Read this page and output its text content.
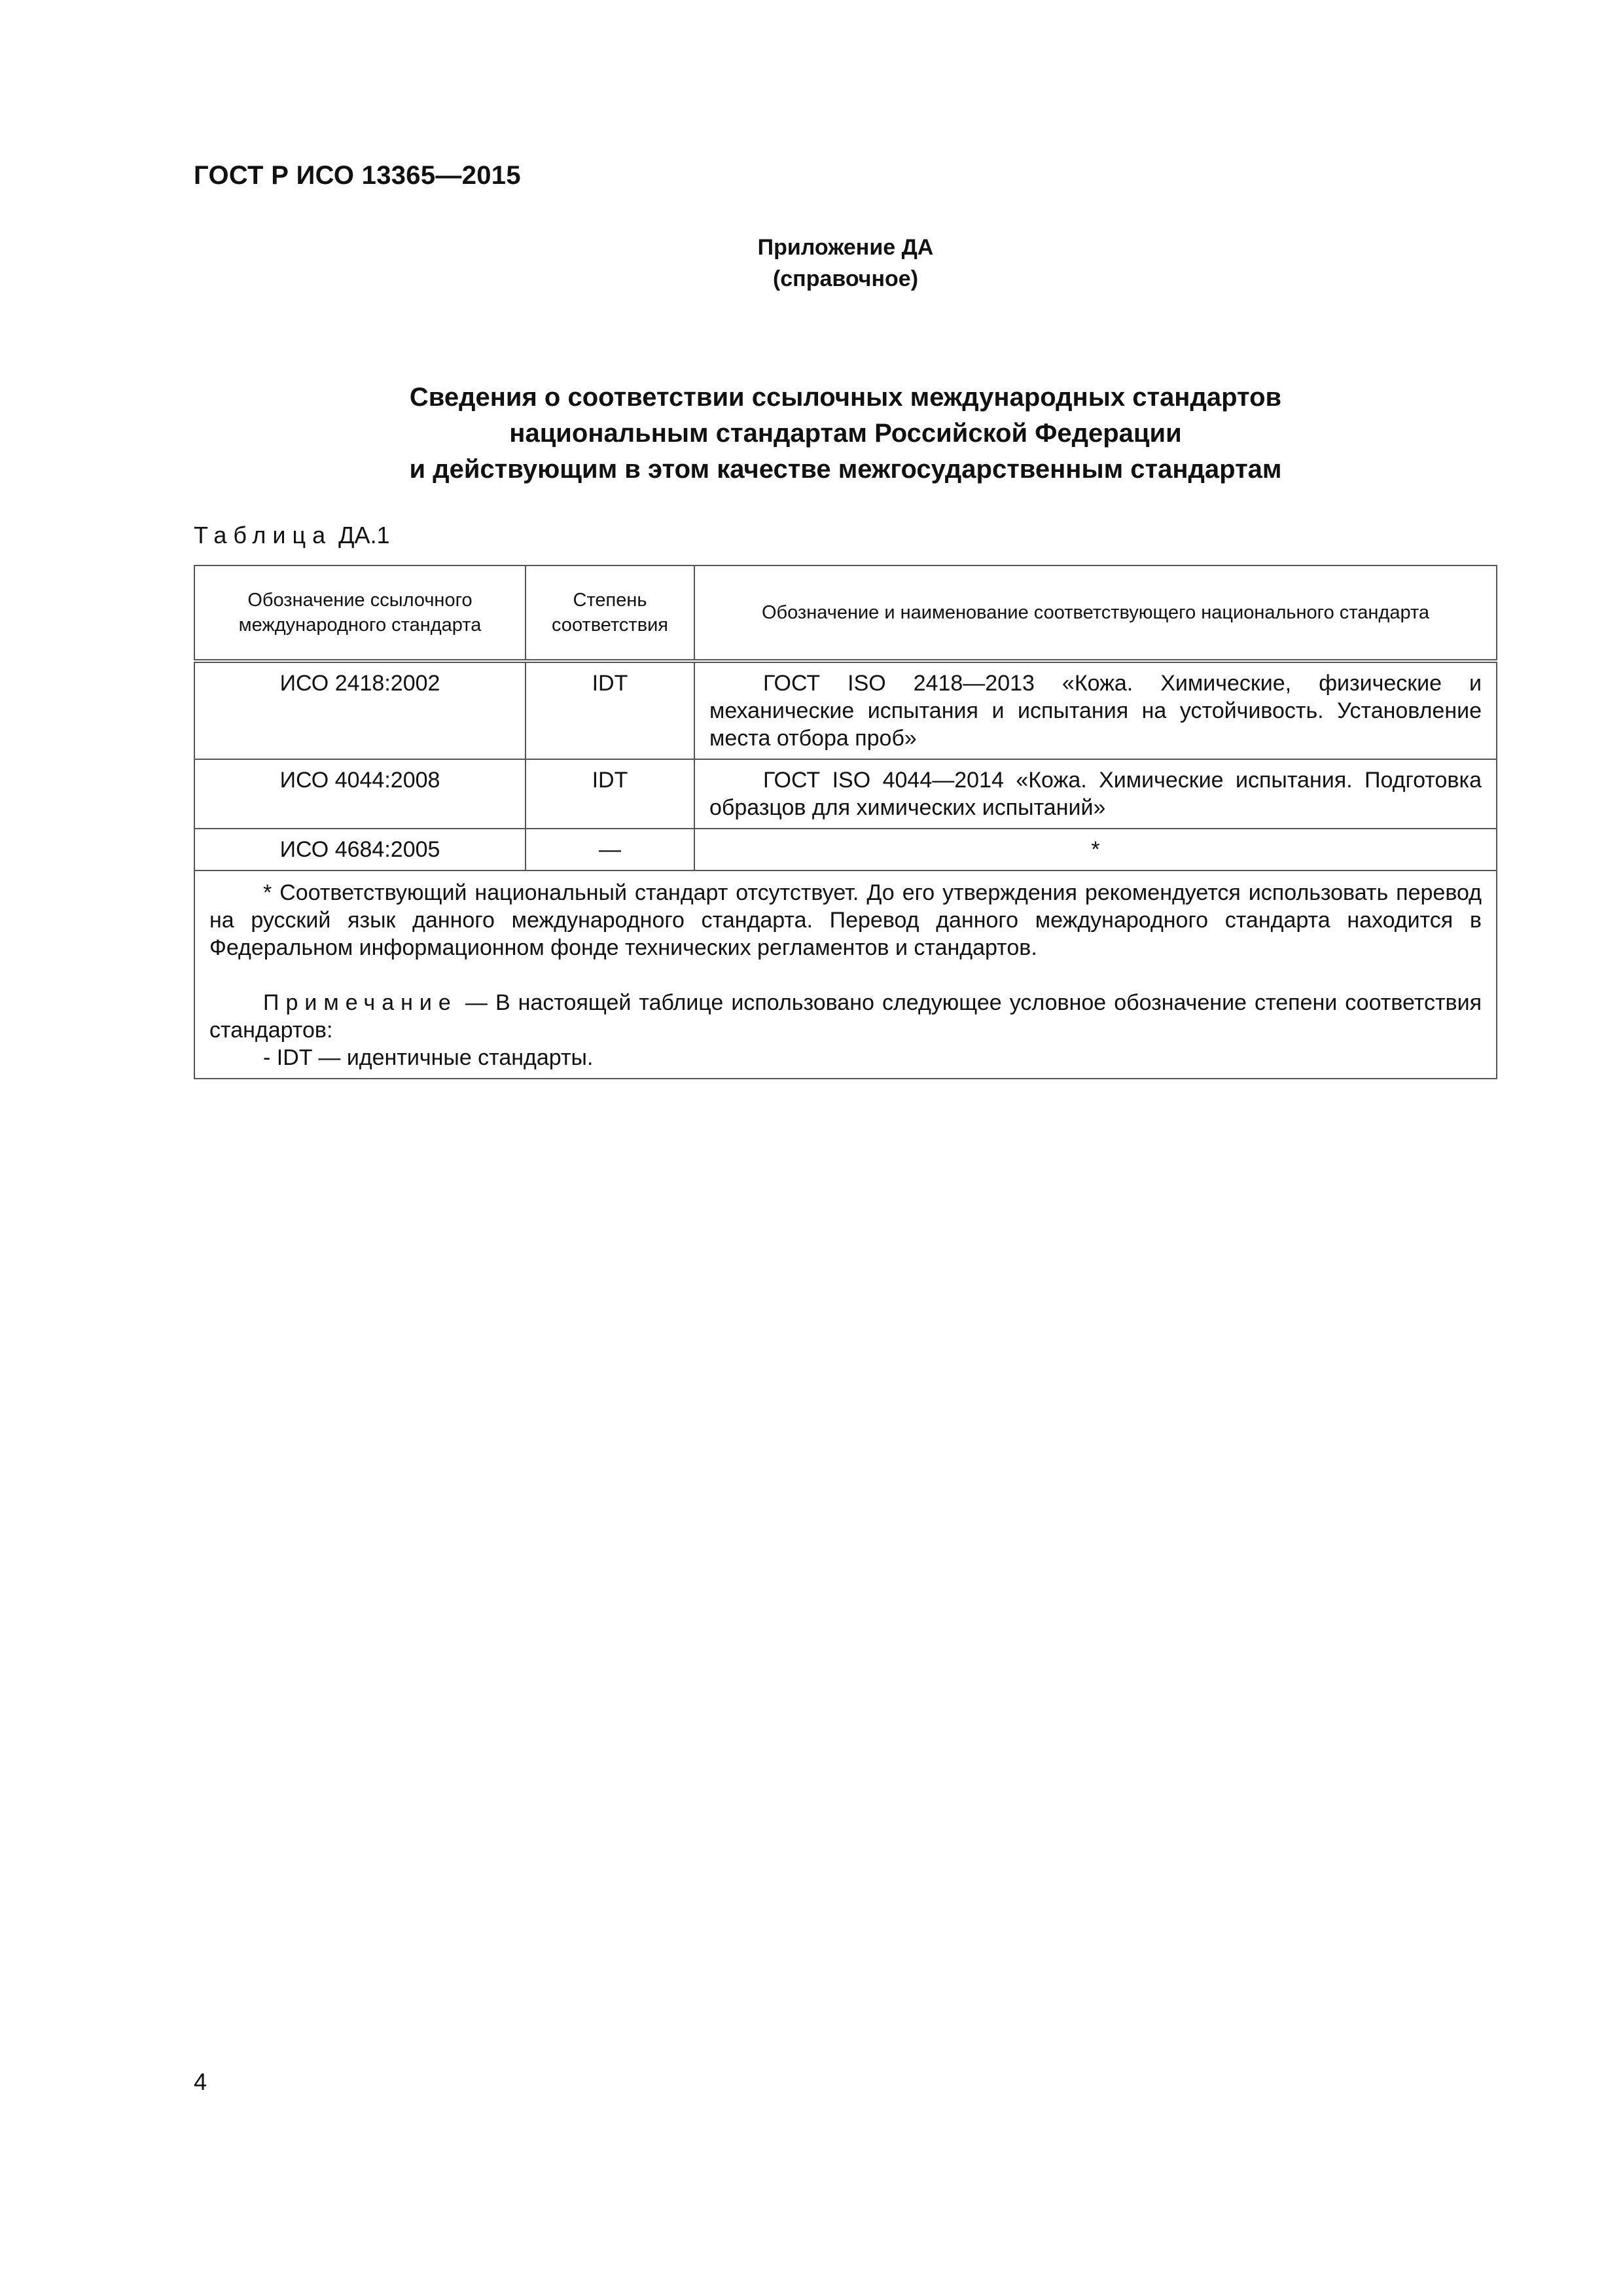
ГОСТ Р ИСО 13365—2015
Приложение ДА
(справочное)
Сведения о соответствии ссылочных международных стандартов
национальным стандартам Российской Федерации
и действующим в этом качестве межгосударственным стандартам
Таблица ДА.1
Обозначение ссылочного международного стандарта	Степень соответствия	Обозначение и наименование соответствующего национального стандарта
ИСО 2418:2002	IDT	ГОСТ ISO 2418—2013 «Кожа. Химические, физические и механические испытания и испытания на устойчивость. Установление места отбора проб»
ИСО 4044:2008	IDT	ГОСТ ISO 4044—2014 «Кожа. Химические испытания. Подготовка образцов для химических испытаний»
ИСО 4684:2005	—	*

* Соответствующий национальный стандарт отсутствует. До его утверждения рекомендуется использовать перевод на русский язык данного международного стандарта. Перевод данного международного стандарта находится в Федеральном информационном фонде технических регламентов и стандартов.

Примечание — В настоящей таблице использовано следующее условное обозначение степени соответствия стандартов:

- IDT — идентичные стандарты.		

4
